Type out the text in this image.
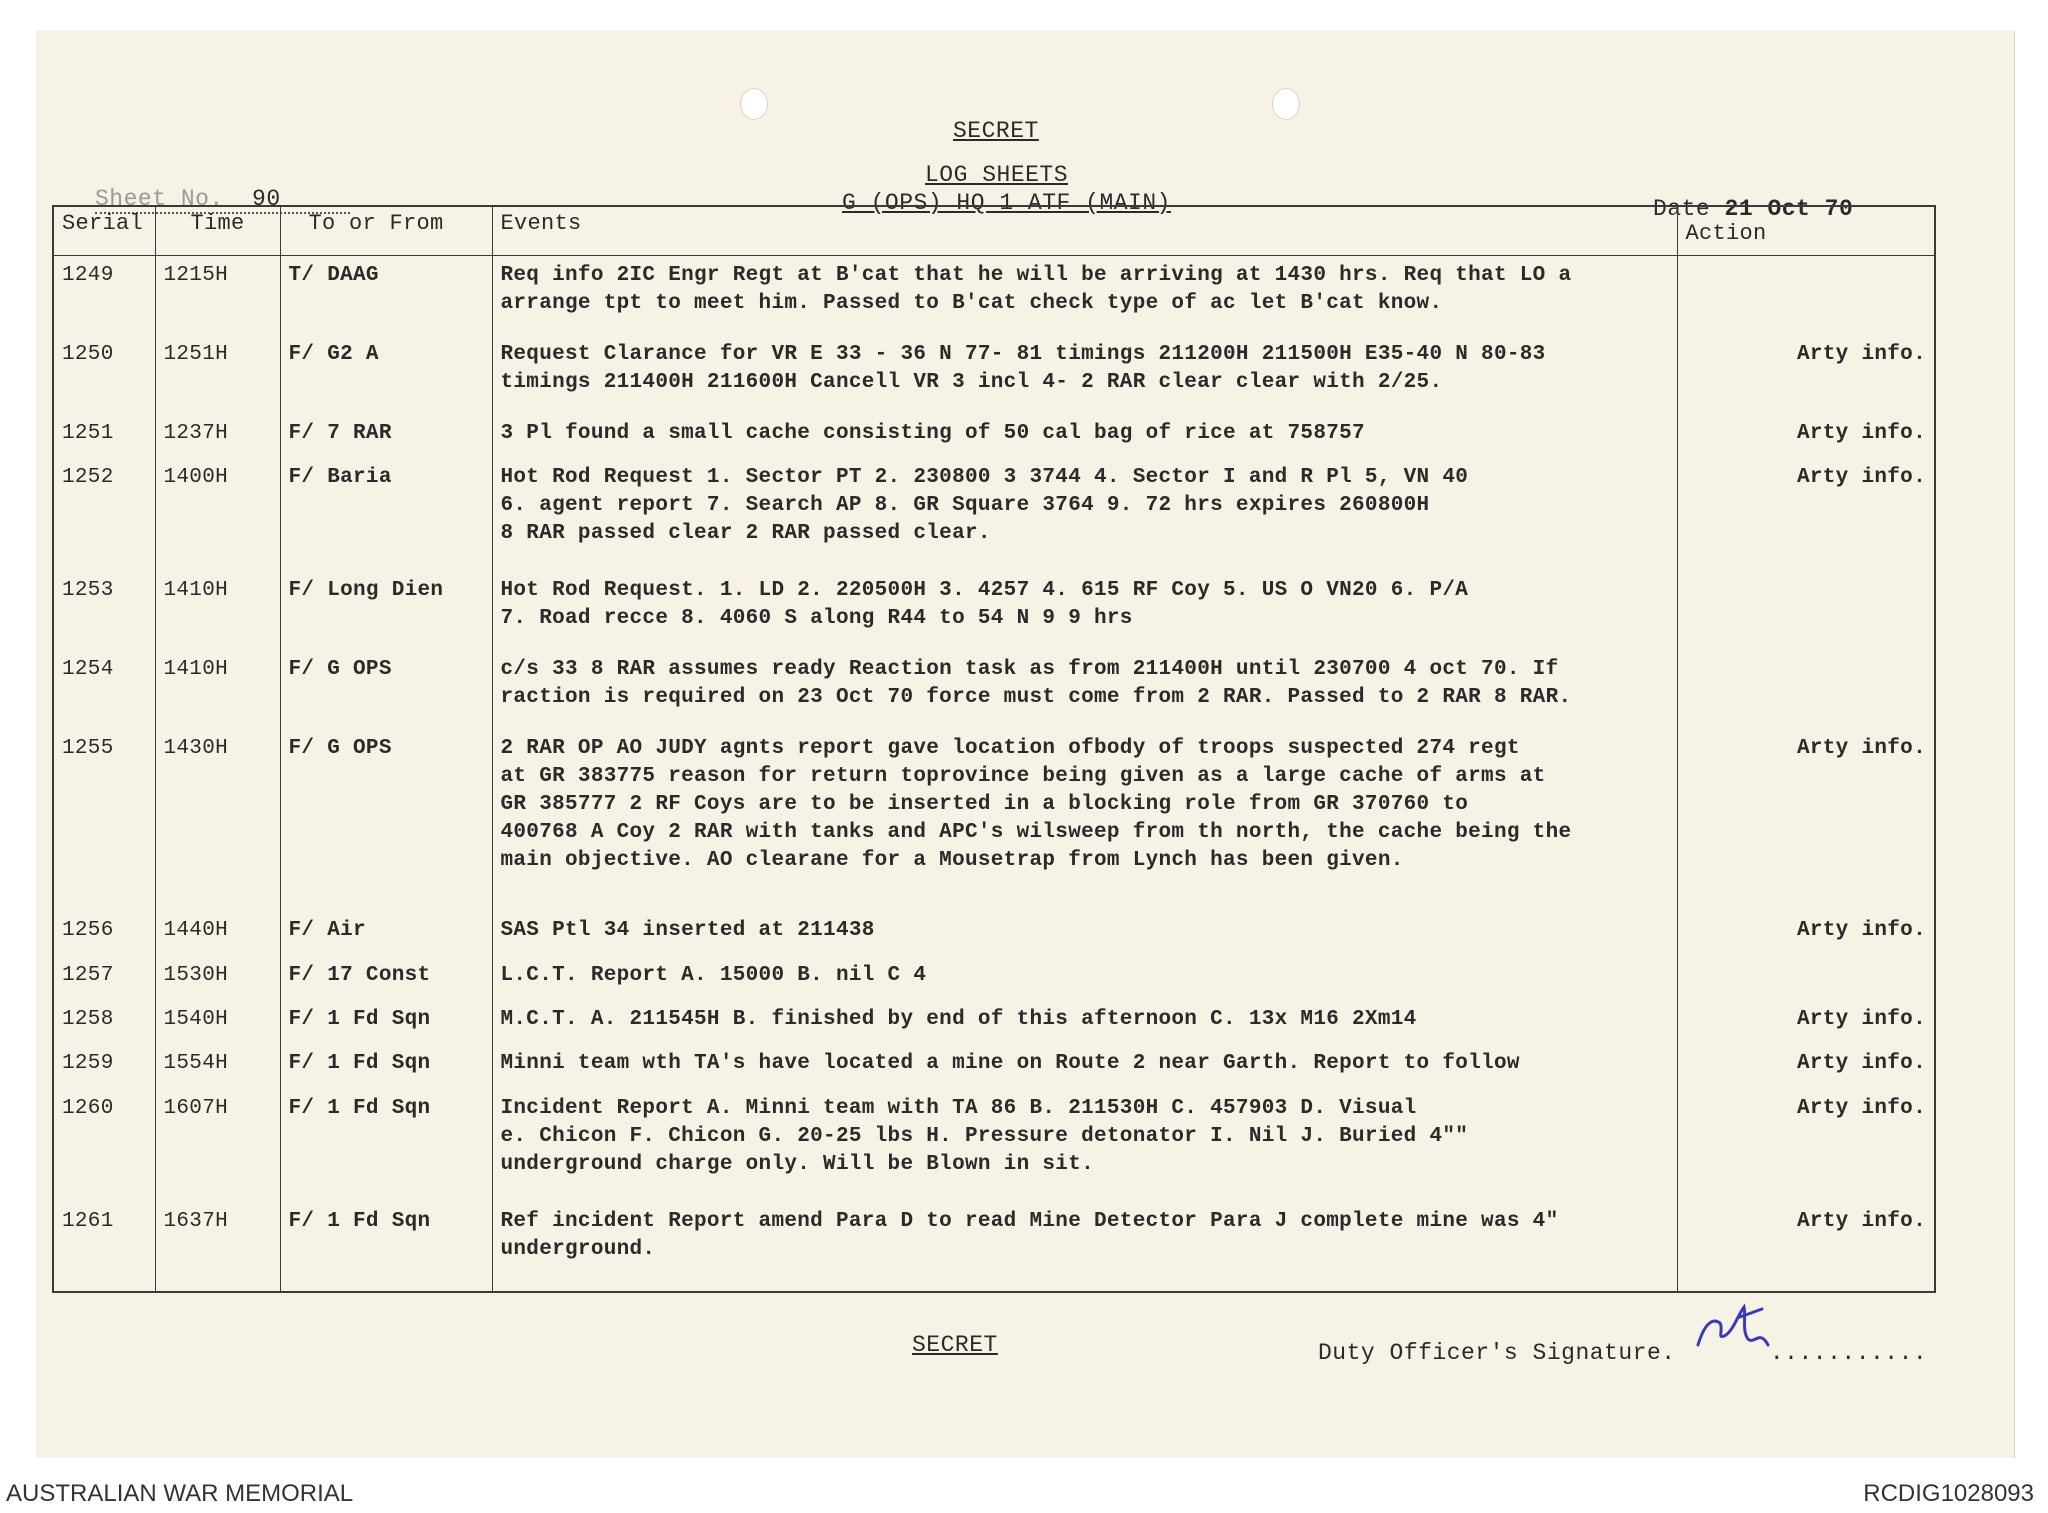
SECRET
LOG SHEETS
G (OPS) HQ 1 ATF (MAIN)
Sheet No. 90	Date 21 Oct 70
Serial	Time	To or From	Events	Action
1249	1215H	T/ DAAG	Req info 2IC Engr Regt at B'cat that he will be arriving at 1430 hrs. Req that LO a
arrange tpt to meet him. Passed to B'cat check type of ac let B'cat know.	

1250	1251H	F/ G2 A	Request Clarance for VR E 33 - 36 N 77- 81 timings 211200H 211500H E35-40 N 80-83
timings 211400H 211600H Cancell VR 3 incl 4- 2 RAR clear clear with 2/25.	Arty info.
1251	1237H	F/ 7 RAR	3 Pl found a small cache consisting of 50 cal bag of rice at 758757	Arty info.
1252	1400H	F/ Baria	Hot Rod Request 1. Sector PT 2. 230800 3 3744 4. Sector I and R Pl 5, VN 40
6. agent report 7. Search AP 8. GR Square 3764 9. 72 hrs expires 260800H
8 RAR passed clear 2 RAR passed clear.	Arty info.
1253	1410H	F/ Long Dien	Hot Rod Request. 1. LD 2. 220500H 3. 4257 4. 615 RF Coy 5. US O VN20 6. P/A
7. Road recce 8. 4060 S along R44 to 54 N 9 9 hrs	

1254	1410H	F/ G OPS	c/s 33 8 RAR assumes ready Reaction task as from 211400H until 230700 4 oct 70. If
raction is required on 23 Oct 70 force must come from 2 RAR. Passed to 2 RAR 8 RAR.	

1255	1430H	F/ G OPS	2 RAR OP AO JUDY agnts report gave location ofbody of troops suspected 274 regt
at GR 383775 reason for return toprovince being given as a large cache of arms at
GR 385777 2 RF Coys are to be inserted in a blocking role from GR 370760 to
400768 A Coy 2 RAR with tanks and APC's wilsweep from th north, the cache being the
main objective. AO clearane for a Mousetrap from Lynch has been given.	Arty info.
1256	1440H	F/ Air	SAS Ptl 34 inserted at 211438	Arty info.
1257	1530H	F/ 17 Const	L.C.T. Report A. 15000 B. nil C 4	

1258	1540H	F/ 1 Fd Sqn	M.C.T. A. 211545H B. finished by end of this afternoon C. 13x M16 2Xm14	Arty info.
1259	1554H	F/ 1 Fd Sqn	Minni team wth TA's have located a mine on Route 2 near Garth. Report to follow	Arty info.
1260	1607H	F/ 1 Fd Sqn	Incident Report A. Minni team with TA 86 B. 211530H C. 457903 D. Visual
e. Chicon F. Chicon G. 20-25 lbs H. Pressure detonator I. Nil J. Buried 4""
underground charge only. Will be Blown in sit.	Arty info.
1261	1637H	F/ 1 Fd Sqn	Ref incident Report amend Para D to read Mine Detector Para J complete mine was 4"
underground.	Arty info.

SECRET	Duty Officer's Signature.	...........
AUSTRALIAN WAR MEMORIAL	RCDIG1028093
